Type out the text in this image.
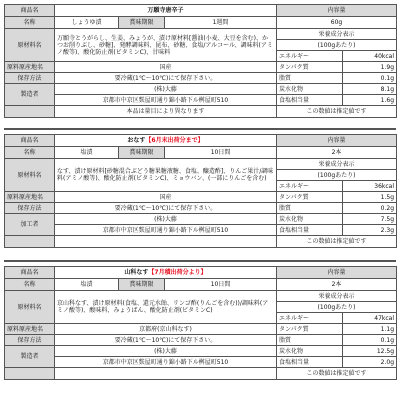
商品名	万願寺唐辛子			内容量	
名称	しょうゆ漬	賞味期限	1週間	60g	
原材料名	万願寺とうがらし、生姜、みょうが、漬け原材料[醤油(小麦、大豆を含む)、かつお削りぶし、砂糖]、発酵調味料、昆布、砂糖、食塩/アルコール、調味料(アミノ酸等)、酸化防止剤(ビタミンC)、甘味料			栄養成分表示	
				(100gあたり)	
				エネルギー	40kcal
原料原産地名	国産			タンパク質	1.9g
保存方法	要冷蔵(1℃〜10℃)にて保存下さい。			脂質	0.1g
製造者	(株)大藤			炭水化物	8.1g
	京都市中京区麩屋町通り錦小路下ル桝屋町510			食塩相当量	1.6g
	本品は量目により異なります			この数値は推定値です	
商品名	おなす【6月末出荷分まで】			内容量	
名称	塩漬	賞味期限	10日間	2本	
原材料名	なす、漬け原材料[砂糖混合ぶどう糖果糖液糖、食塩、醸造酢]、りんご果汁/調味料(アミノ酸等)、酸化防止剤(ビタミンC)、ミョウバン、(一部にりんごを含む)			栄養成分表示	
				(100gあたり)	
				エネルギー	36kcal
原料原産地名	国産			タンパク質	1.5g
保存方法	要冷蔵(1℃〜10℃)にて保存下さい。			脂質	0.2g
加工者	(株)大藤			炭水化物	7.5g
	京都市中京区麩屋町通り錦小路下ル桝屋町510			食塩相当量	2.3g
				この数値は推定値です	
商品名	山科なす【7月積出荷分より】			内容量	
名称	塩漬	賞味期限	10日間	2本	
原材料名	京山科なす、漬け原材料(食塩、還元水飴、リンゴ酢(りんごを含む))/調味料(アミノ酸等)、酸味料、みょうばん、酸化防止剤(ビタミンC)			栄養成分表示	
				(100gあたり)	
				エネルギー	47kcal
原料原産地名	京都府(京山科なす)			タンパク質	1.1g
保存方法	要冷蔵(1℃〜10℃)にて保存下さい。			脂質	0.1g
製造者	(株)大藤			炭水化物	12.5g
	京都市中京区麩屋町通り錦小路下ル桝屋町510			食塩相当量	2.0g
				この数値は推定値です	
